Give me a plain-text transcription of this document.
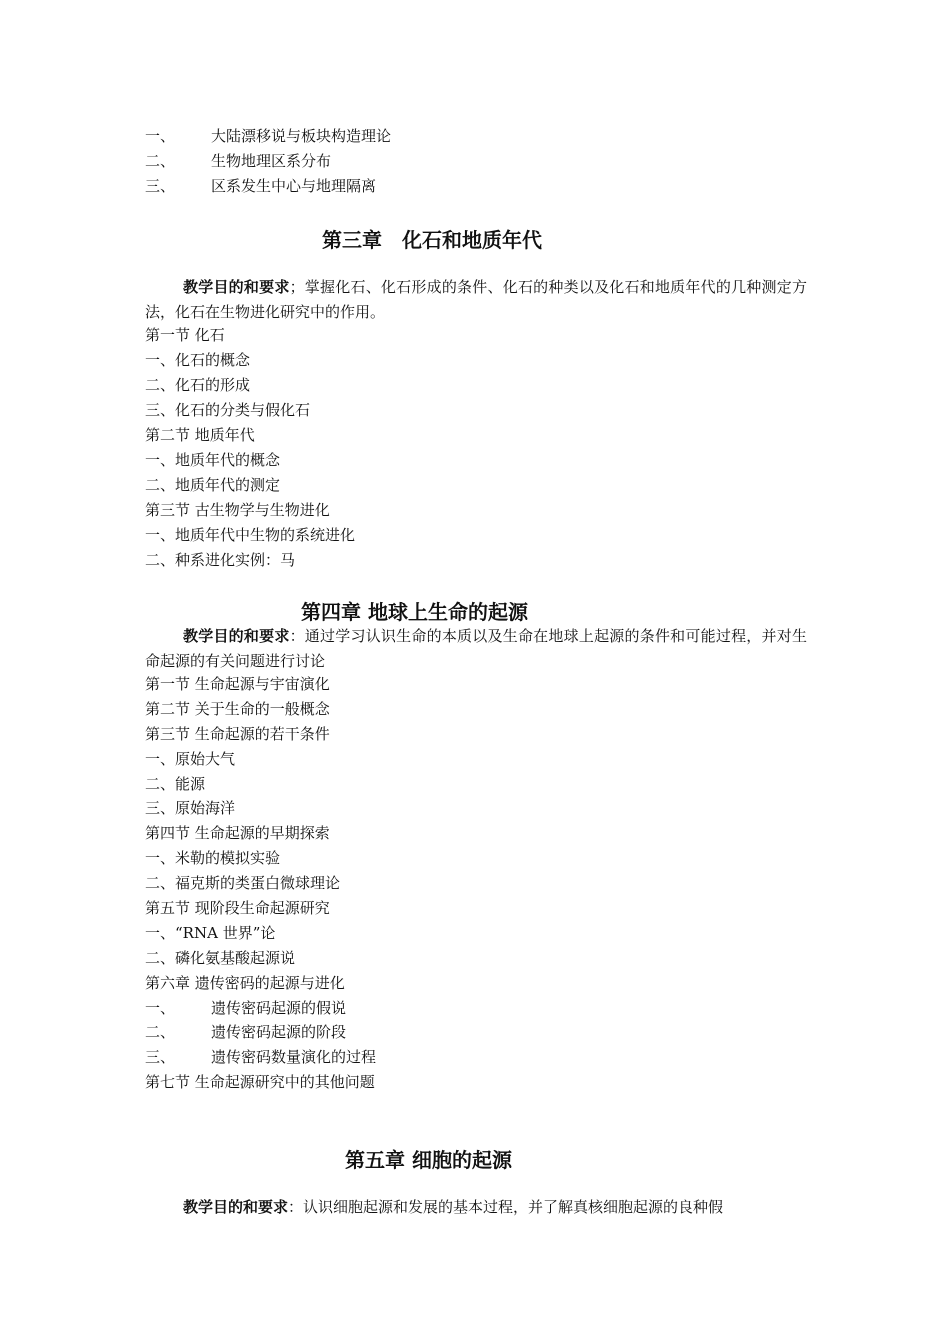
一、 大陆漂移说与板块构造理论

二、 生物地理区系分布

三、 区系发生中心与地理隔离

第三章　化石和地质年代

教学目的和要求；掌握化石、化石形成的条件、化石的种类以及化石和地质年代的几种测定方法，化石在生物进化研究中的作用。

第一节 化石

一、化石的概念

二、化石的形成

三、化石的分类与假化石

第二节 地质年代

一、地质年代的概念

二、地质年代的测定

第三节 古生物学与生物进化

一、地质年代中生物的系统进化

二、种系进化实例：马

第四章 地球上生命的起源

教学目的和要求：通过学习认识生命的本质以及生命在地球上起源的条件和可能过程，并对生命起源的有关问题进行讨论

第一节 生命起源与宇宙演化

第二节 关于生命的一般概念

第三节 生命起源的若干条件

一、原始大气

二、能源

三、原始海洋

第四节 生命起源的早期探索

一、米勒的模拟实验

二、福克斯的类蛋白微球理论

第五节 现阶段生命起源研究

一、“RNA 世界”论

二、磷化氨基酸起源说

第六章 遗传密码的起源与进化

一、 遗传密码起源的假说

二、 遗传密码起源的阶段

三、 遗传密码数量演化的过程

第七节 生命起源研究中的其他问题

第五章 细胞的起源

教学目的和要求：认识细胞起源和发展的基本过程，并了解真核细胞起源的良种假
